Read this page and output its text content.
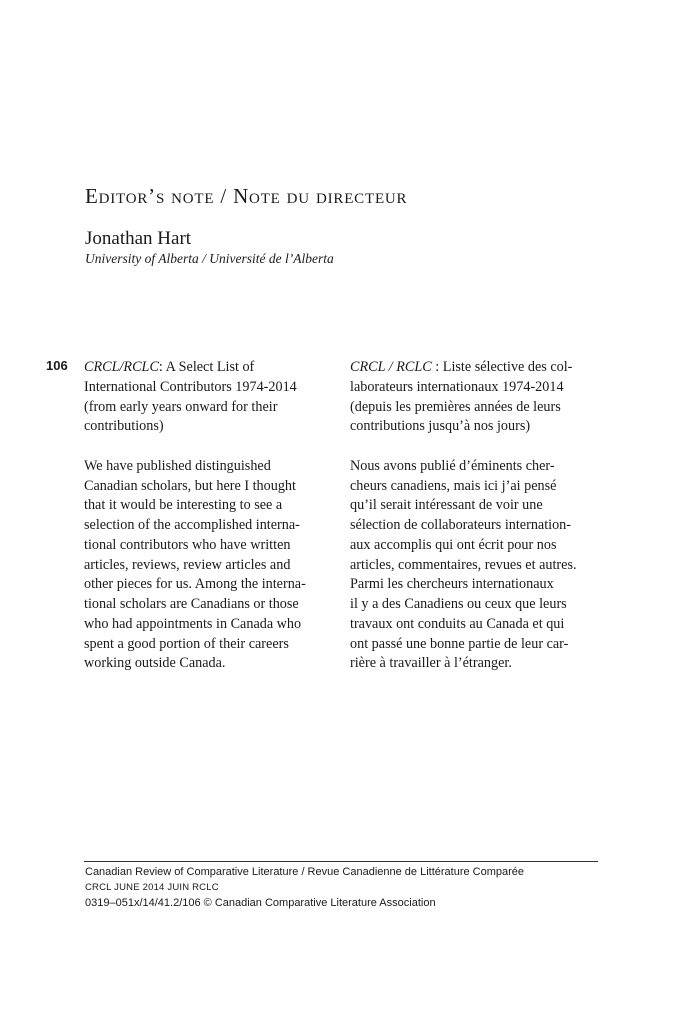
Editor’s note / Note du directeur

Jonathan Hart

University of Alberta / Université de l’Alberta

106 CRCL/RCLC: A Select List of
International Contributors 1974-2014
(from early years onward for their
contributions)
We have published distinguished
Canadian scholars, but here I thought
that it would be interesting to see a
selection of the accomplished interna-
tional contributors who have written
articles, reviews, review articles and
other pieces for us. Among the interna-
tional scholars are Canadians or those
who had appointments in Canada who
spent a good portion of their careers
working outside Canada.
CRCL / RCLC : Liste sélective des col-
laborateurs internationaux 1974-2014
(depuis les premières années de leurs
contributions jusqu’à nos jours)
Nous avons publié d’éminents cher-
cheurs canadiens, mais ici j’ai pensé
qu’il serait intéressant de voir une
sélection de collaborateurs internation-
aux accomplis qui ont écrit pour nos
articles, commentaires, revues et autres.
Parmi les chercheurs internationaux
il y a des Canadiens ou ceux que leurs
travaux ont conduits au Canada et qui
ont passé une bonne partie de leur car-
rière à travailler à l’étranger.

Canadian Review of Comparative Literature / Revue Canadienne de Littérature Comparée

CRCL JUNE 2014 JUIN RCLC

0319–051x/14/41.2/106 © Canadian Comparative Literature Association
